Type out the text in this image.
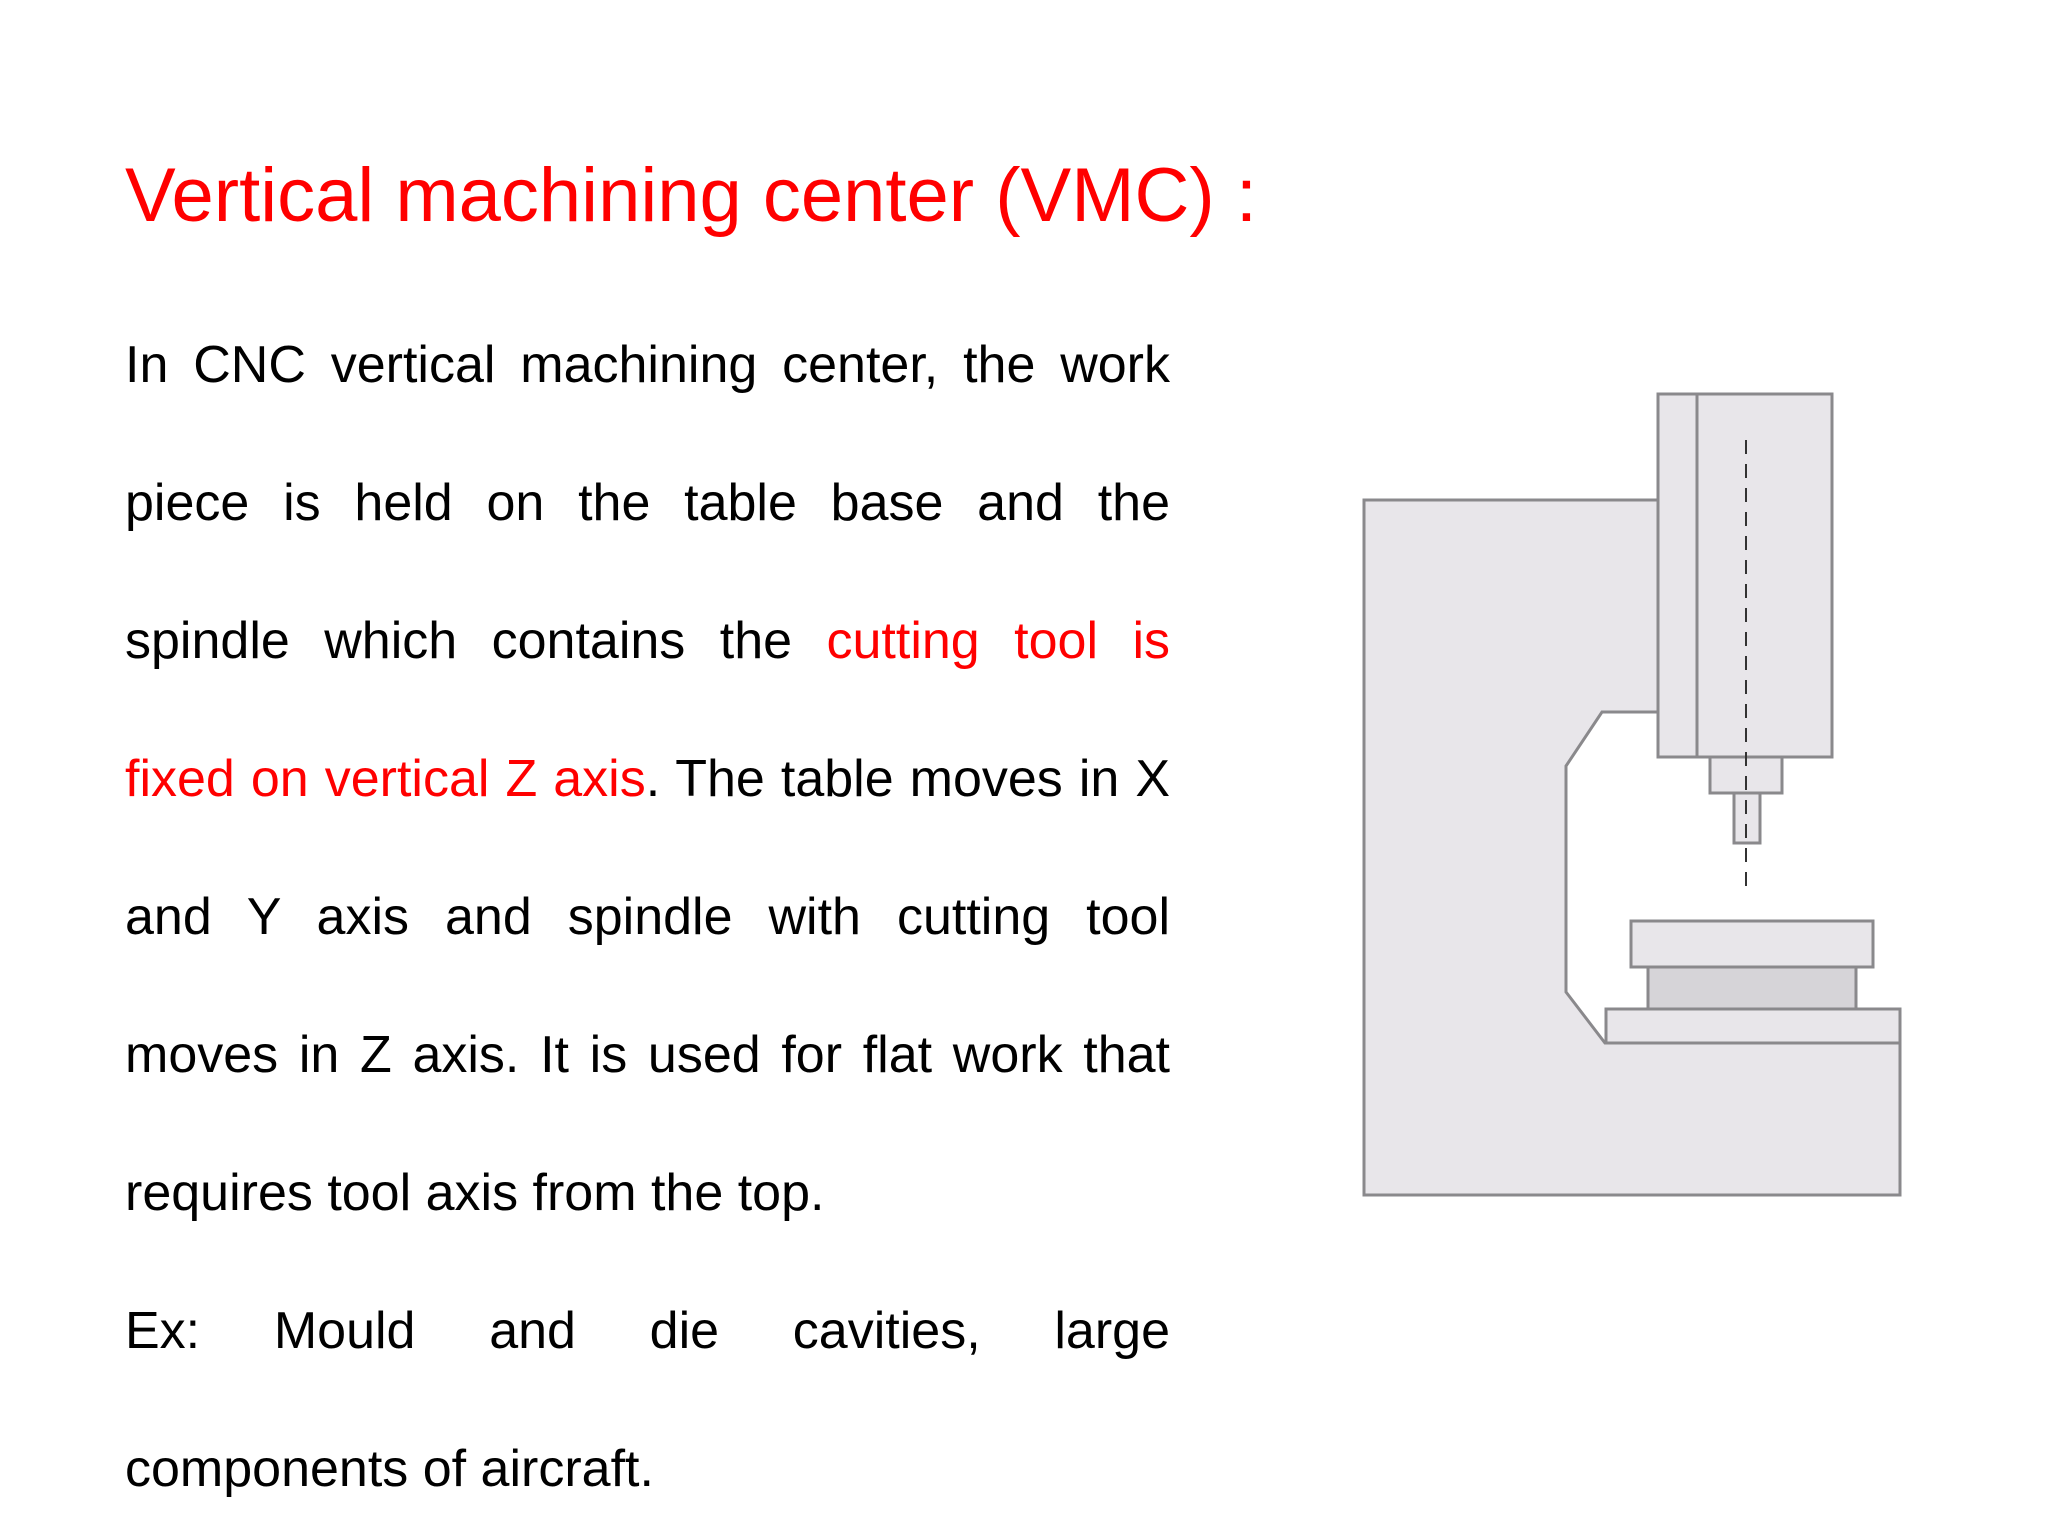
Vertical machining center (VMC) :
In CNC vertical machining center, the work
piece is held on the table base and the
spindle which contains the cutting tool is
fixed on vertical Z axis. The table moves in X
and Y axis and spindle with cutting tool
moves in Z axis. It is used for flat work that
requires tool axis from the top.
Ex: Mould and die cavities, large
components of aircraft.
